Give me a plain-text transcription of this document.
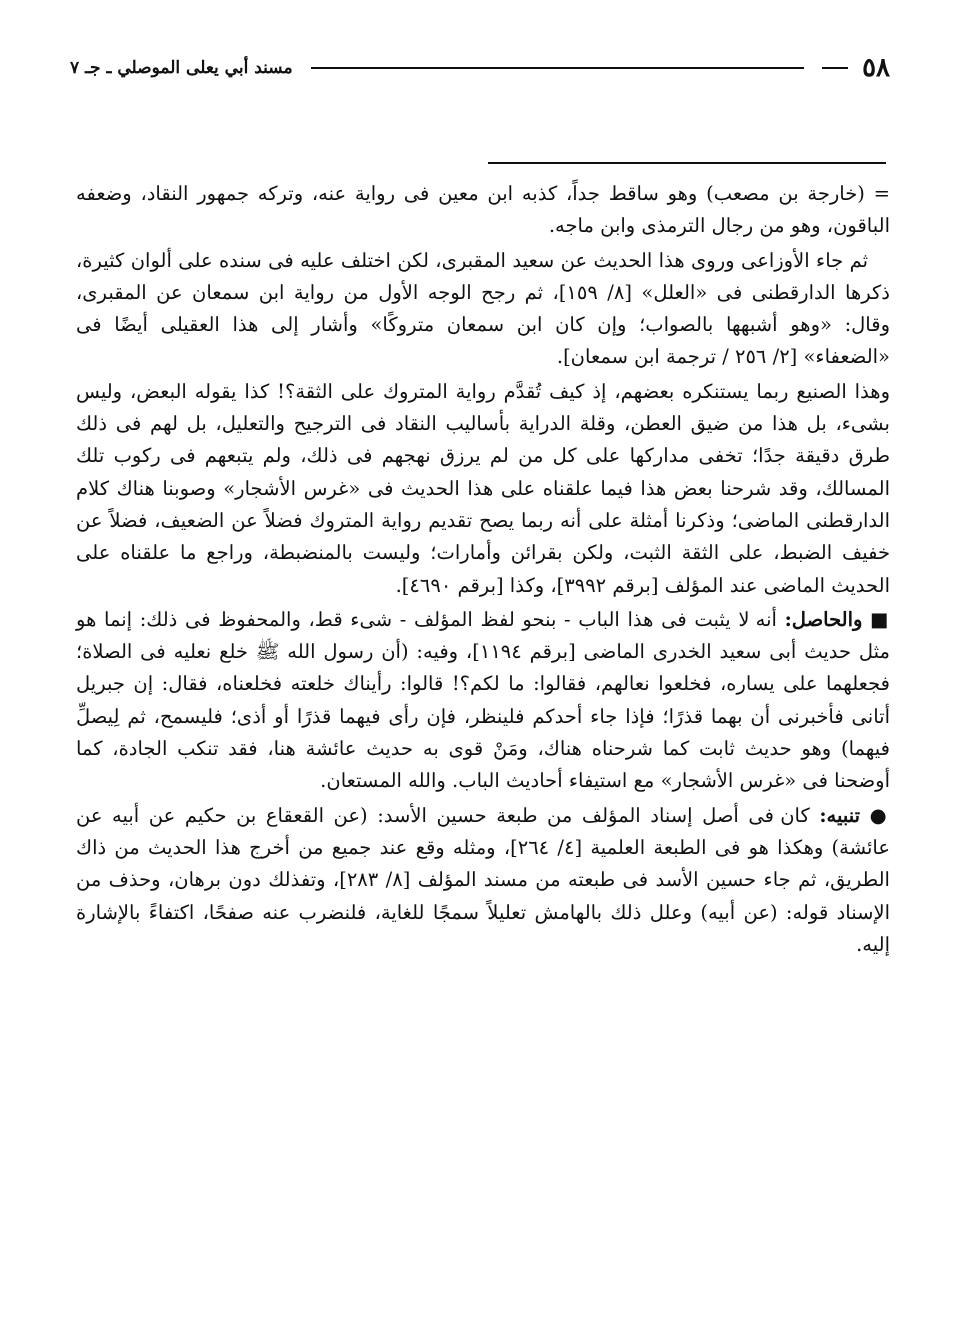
٥٨
مسند أبي يعلى الموصلي ـ جـ ٧

= (خارجة بن مصعب) وهو ساقط جداً، كذبه ابن معين فى رواية عنه، وتركه جمهور النقاد، وضعفه الباقون، وهو من رجال الترمذى وابن ماجه.

ثم جاء الأوزاعى وروى هذا الحديث عن سعيد المقبرى، لكن اختلف عليه فى سنده على ألوان كثيرة، ذكرها الدارقطنى فى «العلل» [٨/ ١٥٩]، ثم رجح الوجه الأول من رواية ابن سمعان عن المقبرى، وقال: «وهو أشبهها بالصواب؛ وإن كان ابن سمعان متروكًا» وأشار إلى هذا العقيلى أيضًا فى «الضعفاء» [٢/ ٢٥٦ / ترجمة ابن سمعان].

وهذا الصنيع ربما يستنكره بعضهم، إذ كيف تُقدَّم رواية المتروك على الثقة؟! كذا يقوله البعض، وليس بشىء، بل هذا من ضيق العطن، وقلة الدراية بأساليب النقاد فى الترجيح والتعليل، بل لهم فى ذلك طرق دقيقة جدًا؛ تخفى مداركها على كل من لم يرزق نهجهم فى ذلك، ولم يتبعهم فى ركوب تلك المسالك، وقد شرحنا بعض هذا فيما علقناه على هذا الحديث فى «غرس الأشجار» وصوبنا هناك كلام الدارقطنى الماضى؛ وذكرنا أمثلة على أنه ربما يصح تقديم رواية المتروك فضلاً عن الضعيف، فضلاً عن خفيف الضبط، على الثقة الثبت، ولكن بقرائن وأمارات؛ وليست بالمنضبطة، وراجع ما علقناه على الحديث الماضى عند المؤلف [برقم ٣٩٩٢]، وكذا [برقم ٤٦٩٠].

■ والحاصل: أنه لا يثبت فى هذا الباب - بنحو لفظ المؤلف - شىء قط، والمحفوظ فى ذلك: إنما هو مثل حديث أبى سعيد الخدرى الماضى [برقم ١١٩٤]، وفيه: (أن رسول الله ﷺ خلع نعليه فى الصلاة؛ فجعلهما على يساره، فخلعوا نعالهم، فقالوا: ما لكم؟! قالوا: رأيناك خلعته فخلعناه، فقال: إن جبريل أتانى فأخبرنى أن بهما قذرًا؛ فإذا جاء أحدكم فلينظر، فإن رأى فيهما قذرًا أو أذى؛ فليسمح، ثم لِيصلِّ فيهما) وهو حديث ثابت كما شرحناه هناك، ومَنْ قوى به حديث عائشة هنا، فقد تنكب الجادة، كما أوضحنا فى «غرس الأشجار» مع استيفاء أحاديث الباب. والله المستعان.

● تنبيه: كان فى أصل إسناد المؤلف من طبعة حسين الأسد: (عن القعقاع بن حكيم عن أبيه عن عائشة) وهكذا هو فى الطبعة العلمية [٤/ ٢٦٤]، ومثله وقع عند جميع من أخرج هذا الحديث من ذاك الطريق، ثم جاء حسين الأسد فى طبعته من مسند المؤلف [٨/ ٢٨٣]، وتفذلك دون برهان، وحذف من الإسناد قوله: (عن أبيه) وعلل ذلك بالهامش تعليلاً سمجًا للغاية، فلنضرب عنه صفحًا، اكتفاءً بالإشارة إليه.
